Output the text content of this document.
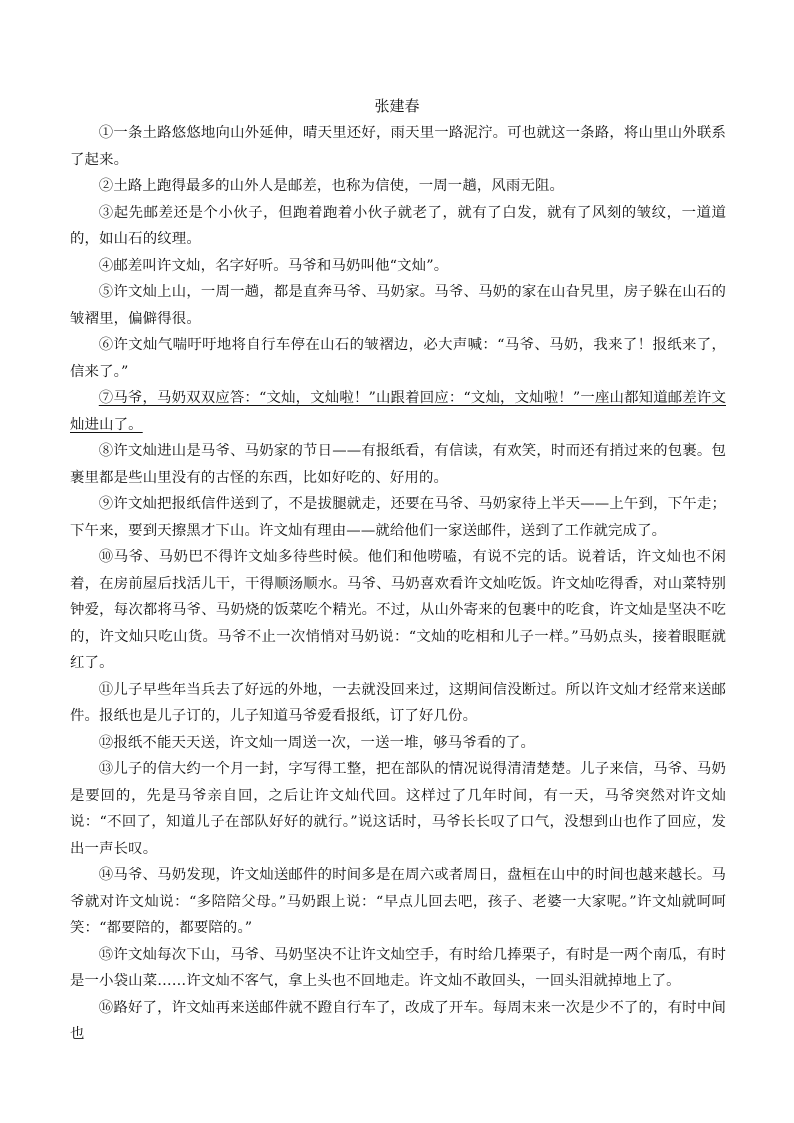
张建春

①一条土路悠悠地向山外延伸，晴天里还好，雨天里一路泥泞。可也就这一条路，将山里山外联系了起来。

②土路上跑得最多的山外人是邮差，也称为信使，一周一趟，风雨无阻。

③起先邮差还是个小伙子，但跑着跑着小伙子就老了，就有了白发，就有了风刻的皱纹，一道道的，如山石的纹理。

④邮差叫许文灿，名字好听。马爷和马奶叫他“文灿”。

⑤许文灿上山，一周一趟，都是直奔马爷、马奶家。马爷、马奶的家在山旮旯里，房子躲在山石的皱褶里，偏僻得很。

⑥许文灿气喘吁吁地将自行车停在山石的皱褶边，必大声喊：“马爷、马奶，我来了！报纸来了，信来了。”

⑦马爷，马奶双双应答：“文灿，文灿啦！”山跟着回应：“文灿，文灿啦！”一座山都知道邮差许文灿进山了。

⑧许文灿进山是马爷、马奶家的节日——有报纸看，有信读，有欢笑，时而还有捎过来的包裹。包裹里都是些山里没有的古怪的东西，比如好吃的、好用的。

⑨许文灿把报纸信件送到了，不是拔腿就走，还要在马爷、马奶家待上半天——上午到，下午走；下午来，要到天擦黑才下山。许文灿有理由——就给他们一家送邮件，送到了工作就完成了。

⑩马爷、马奶巴不得许文灿多待些时候。他们和他唠嗑，有说不完的话。说着话，许文灿也不闲着，在房前屋后找活儿干，干得顺汤顺水。马爷、马奶喜欢看许文灿吃饭。许文灿吃得香，对山菜特别钟爱，每次都将马爷、马奶烧的饭菜吃个精光。不过，从山外寄来的包裹中的吃食，许文灿是坚决不吃的，许文灿只吃山货。马爷不止一次悄悄对马奶说：“文灿的吃相和儿子一样。”马奶点头，接着眼眶就红了。

⑪儿子早些年当兵去了好远的外地，一去就没回来过，这期间信没断过。所以许文灿才经常来送邮件。报纸也是儿子订的，儿子知道马爷爱看报纸，订了好几份。

⑫报纸不能天天送，许文灿一周送一次，一送一堆，够马爷看的了。

⑬儿子的信大约一个月一封，字写得工整，把在部队的情况说得清清楚楚。儿子来信，马爷、马奶是要回的，先是马爷亲自回，之后让许文灿代回。这样过了几年时间，有一天，马爷突然对许文灿说：“不回了，知道儿子在部队好好的就行。”说这话时，马爷长长叹了口气，没想到山也作了回应，发出一声长叹。

⑭马爷、马奶发现，许文灿送邮件的时间多是在周六或者周日，盘桓在山中的时间也越来越长。马爷就对许文灿说：“多陪陪父母。”马奶跟上说：“早点儿回去吧，孩子、老婆一大家呢。”许文灿就呵呵笑：“都要陪的，都要陪的。”

⑮许文灿每次下山，马爷、马奶坚决不让许文灿空手，有时给几捧栗子，有时是一两个南瓜，有时是一小袋山菜……许文灿不客气，拿上头也不回地走。许文灿不敢回头，一回头泪就掉地上了。

⑯路好了，许文灿再来送邮件就不蹬自行车了，改成了开车。每周末来一次是少不了的，有时中间也
